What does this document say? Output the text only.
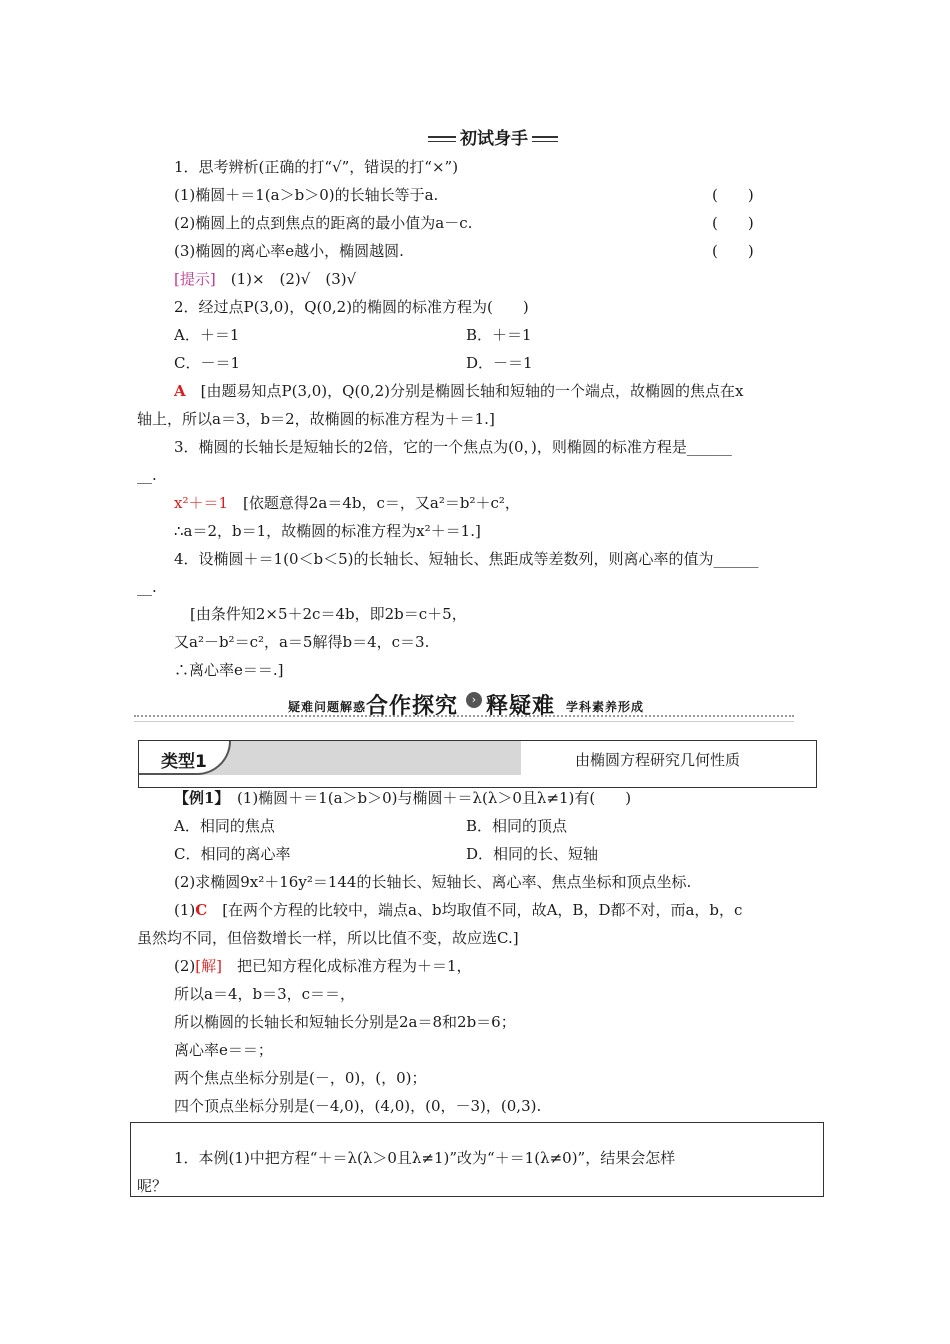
初试身手
1．思考辨析(正确的打“√”，错误的打“×”)
(1)椭圆＋＝1(a＞b＞0)的长轴长等于a.	(　　)
(2)椭圆上的点到焦点的距离的最小值为a－c.	(　　)
(3)椭圆的离心率e越小，椭圆越圆.	(　　)
[提示]　(1)×　(2)√　(3)√
2．经过点P(3,0)，Q(0,2)的椭圆的标准方程为(　　)
A．＋＝1	B．＋＝1
C．－＝1	D．－＝1
A　[由题易知点P(3,0)，Q(0,2)分别是椭圆长轴和短轴的一个端点，故椭圆的焦点在x
轴上，所以a＝3，b＝2，故椭圆的标准方程为＋＝1.]
3．椭圆的长轴长是短轴长的2倍，它的一个焦点为(0，)，则椭圆的标准方程是______
__.
x²＋＝1　[依题意得2a＝4b，c＝，又a²＝b²＋c²，
∴a＝2，b＝1，故椭圆的标准方程为x²＋＝1.]
4．设椭圆＋＝1(0＜b＜5)的长轴长、短轴长、焦距成等差数列，则离心率的值为______
__.
[由条件知2×5＋2c＝4b，即2b＝c＋5，
又a²－b²＝c²，a＝5解得b＝4，c＝3.
∴离心率e＝＝.]
疑难问题解惑 合作探究	› 释疑难 学科素养形成
类型1	由椭圆方程研究几何性质
【例1】　(1)椭圆＋＝1(a＞b＞0)与椭圆＋＝λ(λ＞0且λ≠1)有(　　)
A．相同的焦点	B．相同的顶点
C．相同的离心率	D．相同的长、短轴
(2)求椭圆9x²＋16y²＝144的长轴长、短轴长、离心率、焦点坐标和顶点坐标.
(1)C　[在两个方程的比较中，端点a、b均取值不同，故A，B，D都不对，而a，b，c
虽然均不同，但倍数增长一样，所以比值不变，故应选C.]
(2)[解]　把已知方程化成标准方程为＋＝1，
所以a＝4，b＝3，c＝＝，
所以椭圆的长轴长和短轴长分别是2a＝8和2b＝6；
离心率e＝＝；
两个焦点坐标分别是(－，0)，(，0)；
四个顶点坐标分别是(－4,0)，(4,0)，(0，－3)，(0,3).
1．本例(1)中把方程“＋＝λ(λ＞0且λ≠1)”改为“＋＝1(λ≠0)”，结果会怎样
呢？
